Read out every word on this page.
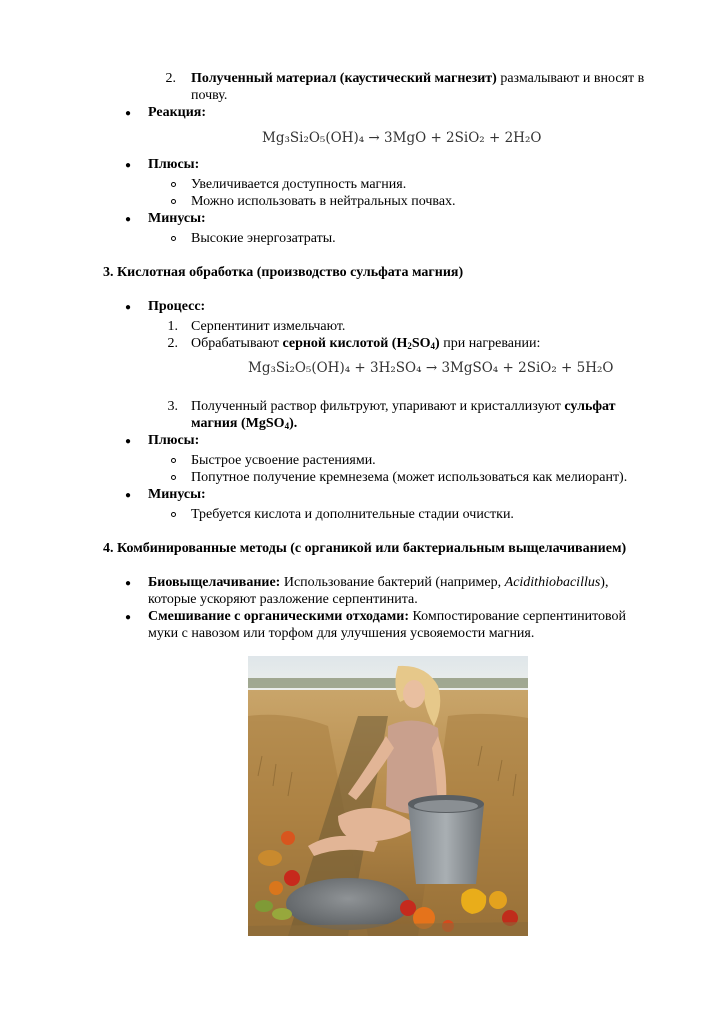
2. Полученный материал (каустический магнезит) размалывают и вносят в
почву.
● Реакция:
Mg₃Si₂O₅(OH)₄ → 3MgO + 2SiO₂ + 2H₂O
● Плюсы:
Увеличивается доступность магния.
Можно использовать в нейтральных почвах.
● Минусы:
Высокие энергозатраты.
3. Кислотная обработка (производство сульфата магния)
● Процесс:
1. Серпентинит измельчают.
2. Обрабатывают серной кислотой $(H_2SO_4)$ при нагревании:
Mg₃Si₂O₅(OH)₄ + 3H₂SO₄ → 3MgSO₄ + 2SiO₂ + 5H₂O
3. Полученный раствор фильтруют, упаривают и кристаллизуют сульфат
магния (MgSO$_4$).
● Плюсы:
Быстрое усвоение растениями.
Попутное получение кремнезема (может использоваться как мелиорант).
● Минусы:
Требуется кислота и дополнительные стадии очистки.
4. Комбинированные методы (с органикой или бактериальным выщелачиванием)
● Биовыщелачивание: Использование бактерий (например, Acidithiobacillus),
которые ускоряют разложение серпентинита.
● Смешивание с органическими отходами: Компостирование серпентинитовой
муки с навозом или торфом для улучшения усвояемости магния.
